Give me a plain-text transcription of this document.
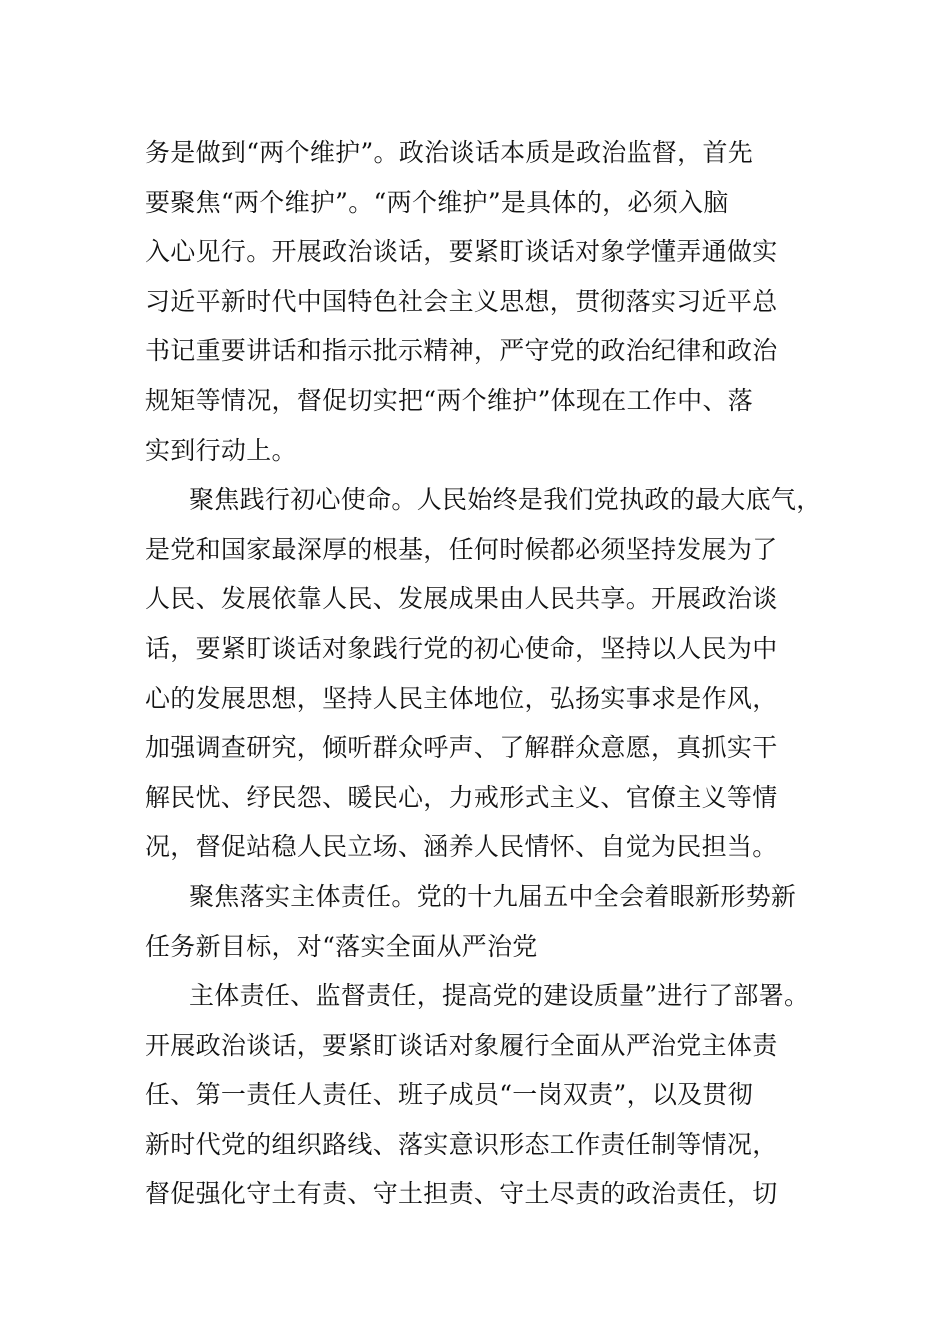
务是做到“两个维护”。政治谈话本质是政治监督，首先
要聚焦“两个维护”。“两个维护”是具体的，必须入脑
入心见行。开展政治谈话，要紧盯谈话对象学懂弄通做实
习近平新时代中国特色社会主义思想，贯彻落实习近平总
书记重要讲话和指示批示精神，严守党的政治纪律和政治
规矩等情况，督促切实把“两个维护”体现在工作中、落
实到行动上。
聚焦践行初心使命。人民始终是我们党执政的最大底气，
是党和国家最深厚的根基，任何时候都必须坚持发展为了
人民、发展依靠人民、发展成果由人民共享。开展政治谈
话，要紧盯谈话对象践行党的初心使命，坚持以人民为中
心的发展思想，坚持人民主体地位，弘扬实事求是作风，
加强调查研究，倾听群众呼声、了解群众意愿，真抓实干
解民忧、纾民怨、暖民心，力戒形式主义、官僚主义等情
况，督促站稳人民立场、涵养人民情怀、自觉为民担当。
聚焦落实主体责任。党的十九届五中全会着眼新形势新
任务新目标，对“落实全面从严治党
主体责任、监督责任，提高党的建设质量”进行了部署。
开展政治谈话，要紧盯谈话对象履行全面从严治党主体责
任、第一责任人责任、班子成员“一岗双责”，以及贯彻
新时代党的组织路线、落实意识形态工作责任制等情况，
督促强化守土有责、守土担责、守土尽责的政治责任，切
